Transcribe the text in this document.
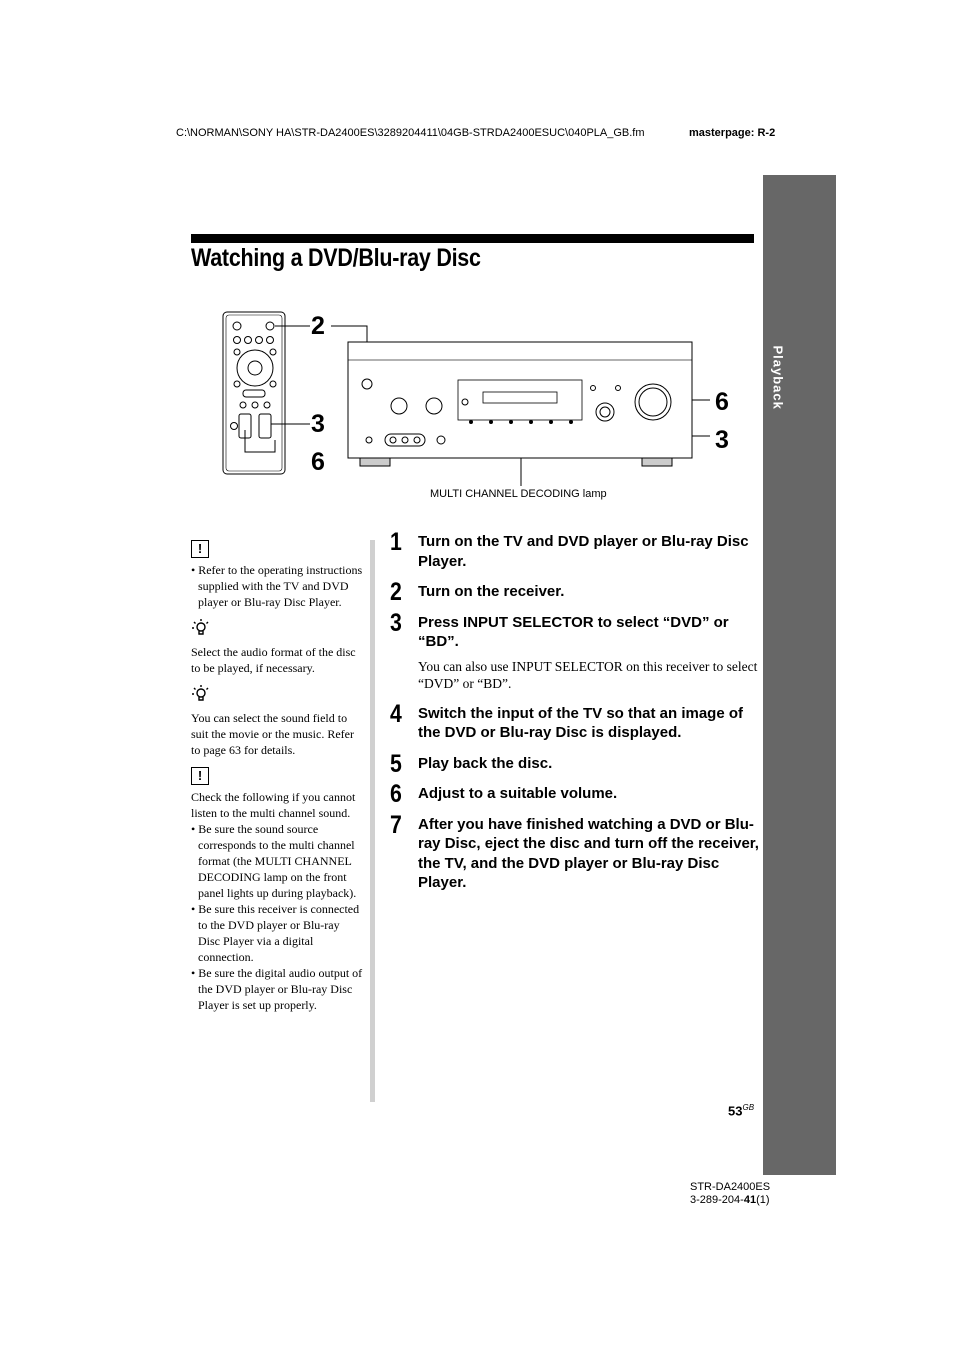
C:\NORMAN\SONY HA\STR-DA2400ES\3289204411\04GB-STRDA2400ESUC\040PLA_GB.fm	masterpage: R-2
Playback
Watching a DVD/Blu-ray Disc
2
3
6
6
3
MULTI CHANNEL DECODING lamp
!
• Refer to the operating instructions supplied with the TV and DVD player or Blu-ray Disc Player.
Select the audio format of the disc to be played, if necessary.
You can select the sound field to suit the movie or the music. Refer to page 63 for details.
!
Check the following if you cannot listen to the multi channel sound.
• Be sure the sound source corresponds to the multi channel format (the MULTI CHANNEL DECODING lamp on the front panel lights up during playback).
• Be sure this receiver is connected to the DVD player or Blu-ray Disc Player via a digital connection.
• Be sure the digital audio output of the DVD player or Blu-ray Disc Player is set up properly.
1 Turn on the TV and DVD player or Blu-ray Disc Player.
2 Turn on the receiver.
3 Press INPUT SELECTOR to select “DVD” or “BD”.
You can also use INPUT SELECTOR on this receiver to select “DVD” or “BD”.
4 Switch the input of the TV so that an image of the DVD or Blu-ray Disc is displayed.
5 Play back the disc.
6 Adjust to a suitable volume.
7 After you have finished watching a DVD or Blu-ray Disc, eject the disc and turn off the receiver, the TV, and the DVD player or Blu-ray Disc Player.
$53^{GB}$
STR-DA2400ES
3-289-204-41(1)
